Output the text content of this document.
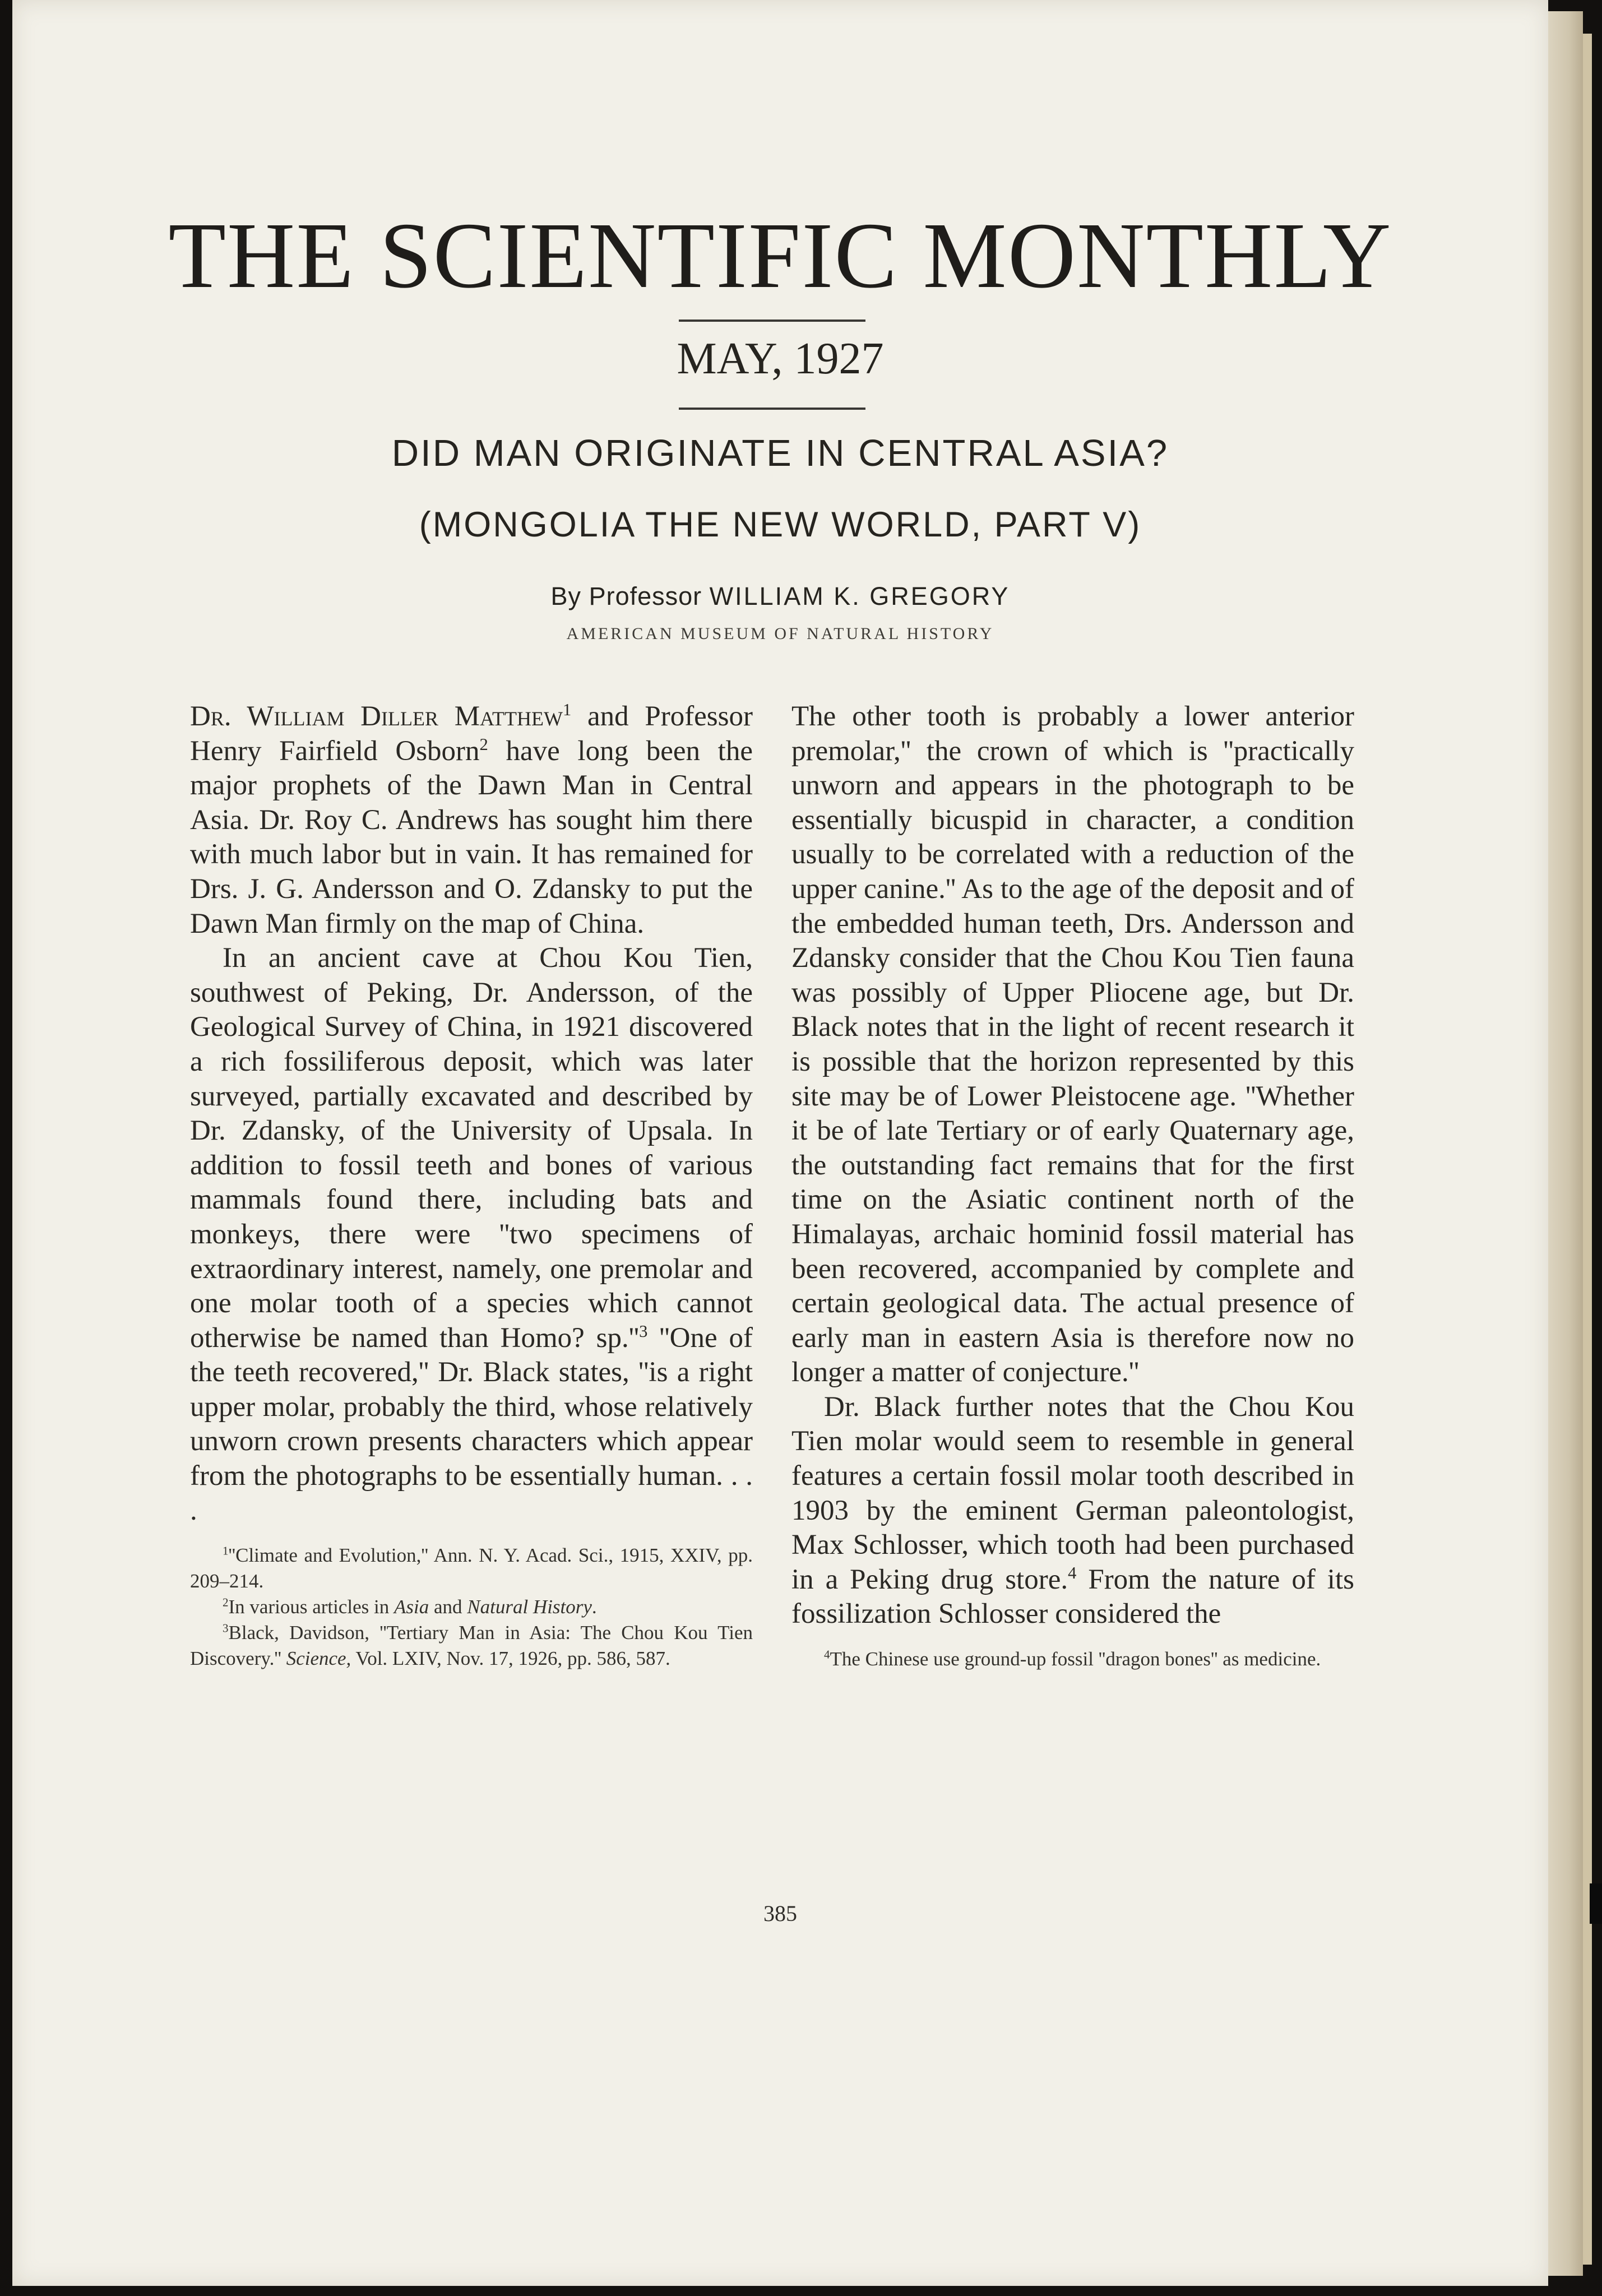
THE SCIENTIFIC MONTHLY
MAY, 1927
DID MAN ORIGINATE IN CENTRAL ASIA?
(MONGOLIA THE NEW WORLD, PART V)
By Professor WILLIAM K. GREGORY
AMERICAN MUSEUM OF NATURAL HISTORY

Dr. William Diller Matthew$^1$ and Professor Henry Fairfield Osborn$^2$ have long been the major prophets of the Dawn Man in Central Asia. Dr. Roy C. Andrews has sought him there with much labor but in vain. It has remained for Drs. J. G. Andersson and O. Zdansky to put the Dawn Man firmly on the map of China.

In an ancient cave at Chou Kou Tien, southwest of Peking, Dr. Andersson, of the Geological Survey of China, in 1921 discovered a rich fossiliferous deposit, which was later surveyed, partially excavated and described by Dr. Zdansky, of the University of Upsala. In addition to fossil teeth and bones of various mammals found there, including bats and monkeys, there were ''two specimens of extraordinary interest, namely, one premolar and one molar tooth of a species which cannot otherwise be named than Homo? $sp.''^3$ ''One of the teeth recovered,'' Dr. Black states, ''is a right upper molar, probably the third, whose relatively unworn crown presents characters which appear from the photographs to be essentially human. . . .

$^1$''Climate and Evolution,'' Ann. N. Y. Acad. Sci., 1915, XXIV, pp. 209–214.

$^2$In various articles in Asia and Natural History.

$^3$Black, Davidson, ''Tertiary Man in Asia: The Chou Kou Tien Discovery.'' Science, Vol. LXIV, Nov. 17, 1926, pp. 586, 587.

The other tooth is probably a lower anterior premolar,'' the crown of which is ''practically unworn and appears in the photograph to be essentially bicuspid in character, a condition usually to be correlated with a reduction of the upper canine.'' As to the age of the deposit and of the embedded human teeth, Drs. Andersson and Zdansky consider that the Chou Kou Tien fauna was possibly of Upper Pliocene age, but Dr. Black notes that in the light of recent research it is possible that the horizon represented by this site may be of Lower Pleistocene age. ''Whether it be of late Tertiary or of early Quaternary age, the outstanding fact remains that for the first time on the Asiatic continent north of the Himalayas, archaic hominid fossil material has been recovered, accompanied by complete and certain geological data. The actual presence of early man in eastern Asia is therefore now no longer a matter of conjecture.''

Dr. Black further notes that the Chou Kou Tien molar would seem to resemble in general features a certain fossil molar tooth described in 1903 by the eminent German paleontologist, Max Schlosser, which tooth had been purchased in a Peking drug store.$^4$ From the nature of its fossilization Schlosser considered the

$^4$The Chinese use ground-up fossil ''dragon bones'' as medicine.

385
